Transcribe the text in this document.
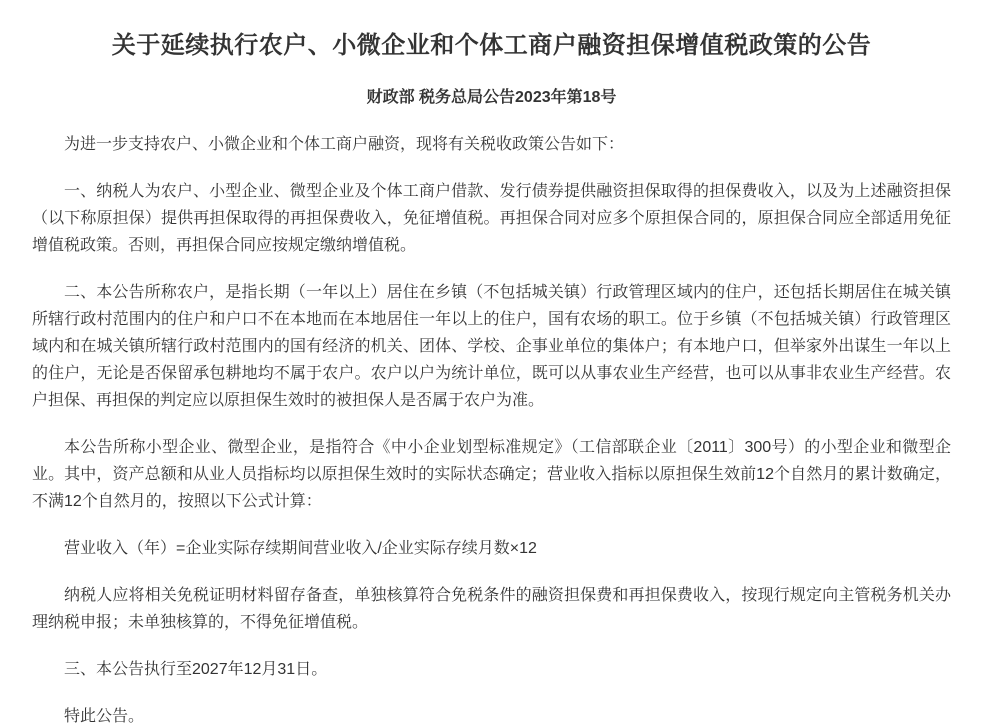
关于延续执行农户、小微企业和个体工商户融资担保增值税政策的公告
财政部 税务总局公告2023年第18号

为进一步支持农户、小微企业和个体工商户融资，现将有关税收政策公告如下：

一、纳税人为农户、小型企业、微型企业及个体工商户借款、发行债券提供融资担保取得的担保费收入，以及为上述融资担保（以下称原担保）提供再担保取得的再担保费收入，免征增值税。再担保合同对应多个原担保合同的，原担保合同应全部适用免征增值税政策。否则，再担保合同应按规定缴纳增值税。

二、本公告所称农户，是指长期（一年以上）居住在乡镇（不包括城关镇）行政管理区域内的住户，还包括长期居住在城关镇所辖行政村范围内的住户和户口不在本地而在本地居住一年以上的住户，国有农场的职工。位于乡镇（不包括城关镇）行政管理区域内和在城关镇所辖行政村范围内的国有经济的机关、团体、学校、企事业单位的集体户；有本地户口，但举家外出谋生一年以上的住户，无论是否保留承包耕地均不属于农户。农户以户为统计单位，既可以从事农业生产经营，也可以从事非农业生产经营。农户担保、再担保的判定应以原担保生效时的被担保人是否属于农户为准。

本公告所称小型企业、微型企业，是指符合《中小企业划型标准规定》（工信部联企业〔2011〕300号）的小型企业和微型企业。其中，资产总额和从业人员指标均以原担保生效时的实际状态确定；营业收入指标以原担保生效前12个自然月的累计数确定，不满12个自然月的，按照以下公式计算：

营业收入（年）=企业实际存续期间营业收入/企业实际存续月数×12

纳税人应将相关免税证明材料留存备查，单独核算符合免税条件的融资担保费和再担保费收入，按现行规定向主管税务机关办理纳税申报；未单独核算的，不得免征增值税。

三、本公告执行至2027年12月31日。

特此公告。
